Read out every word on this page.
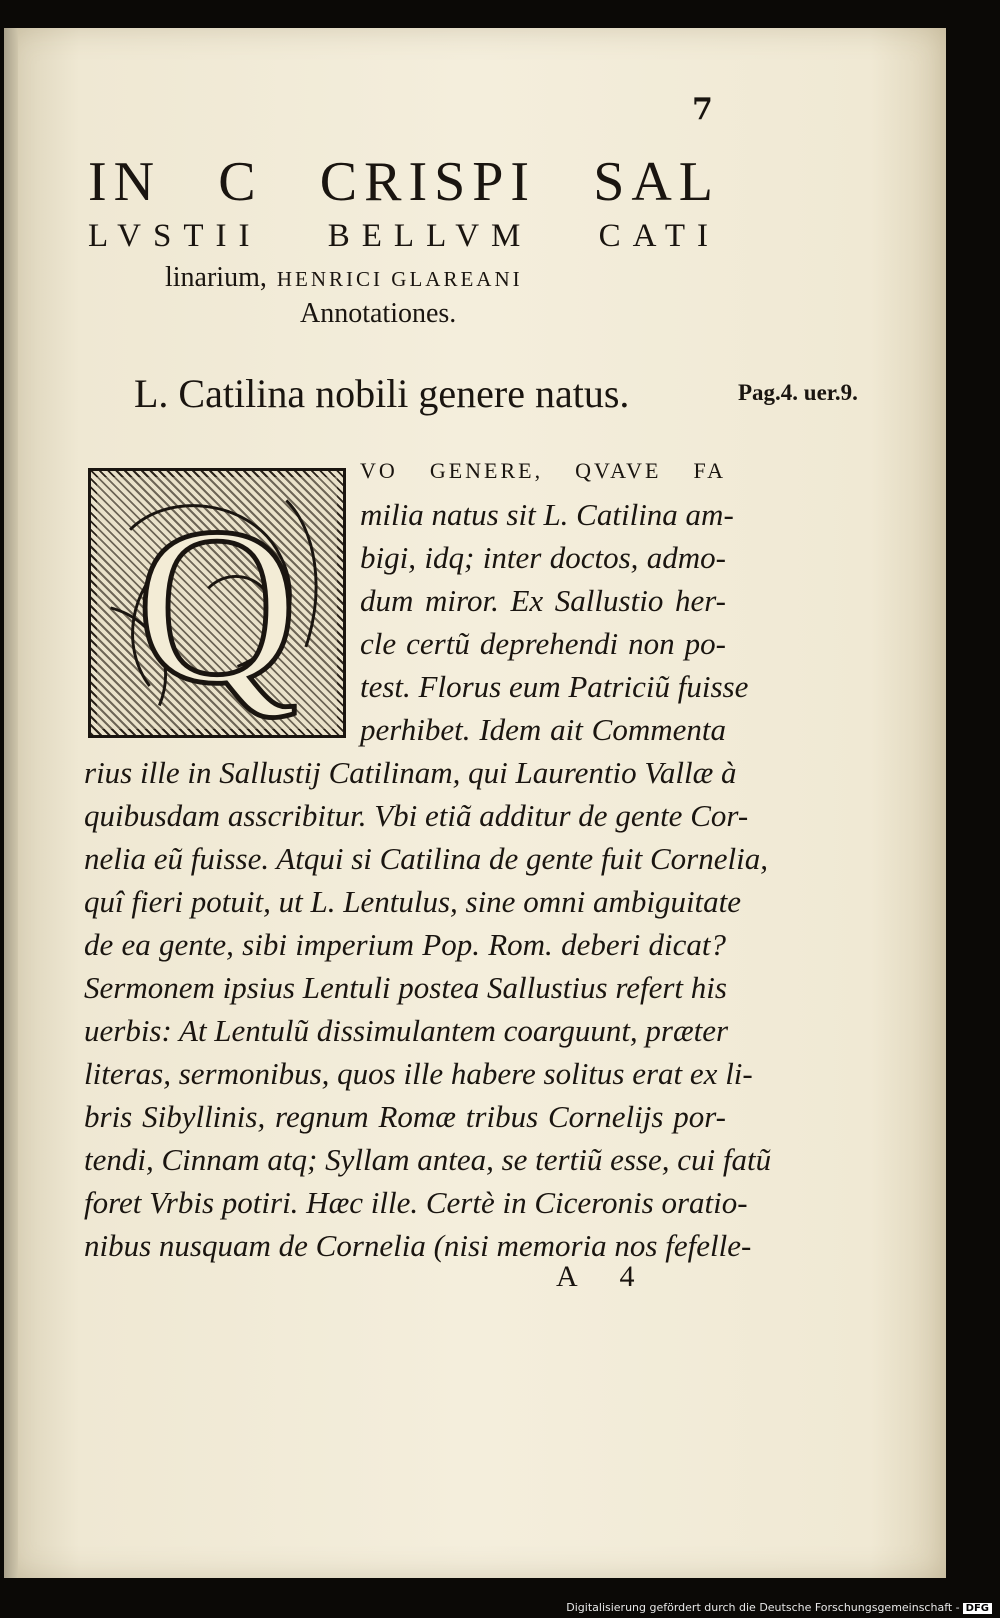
7
IN C CRISPI SAL
LVSTII BELLVM CATI
linarium, HENRICI GLAREANI
Annotationes.
L. Catilina nobili genere natus.	Pag.4. uer.9.
Q
VO GENERE, QVAVE FA
milia natus sit L. Catilina am-
bigi, idq; inter doctos, admo-
dum miror. Ex Sallustio her-
cle certũ deprehendi non po-
test. Florus eum Patriciũ fuisse
perhibet. Idem ait Commenta
rius ille in Sallustij Catilinam, qui Laurentio Vallæ à
quibusdam asscribitur. Vbi etiã additur de gente Cor-
nelia eũ fuisse. Atqui si Catilina de gente fuit Cornelia,
quî fieri potuit, ut L. Lentulus, sine omni ambiguitate
de ea gente, sibi imperium Pop. Rom. deberi dicat?
Sermonem ipsius Lentuli postea Sallustius refert his
uerbis: At Lentulũ dissimulantem coarguunt, præter
literas, sermonibus, quos ille habere solitus erat ex li-
bris Sibyllinis, regnum Romæ tribus Cornelijs por-
tendi, Cinnam atq; Syllam antea, se tertiũ esse, cui fatũ
foret Vrbis potiri. Hæc ille. Certè in Ciceronis oratio-
nibus nusquam de Cornelia (nisi memoria nos fefelle-
A 4
Digitalisierung gefördert durch die Deutsche Forschungsgemeinschaft - DFG
